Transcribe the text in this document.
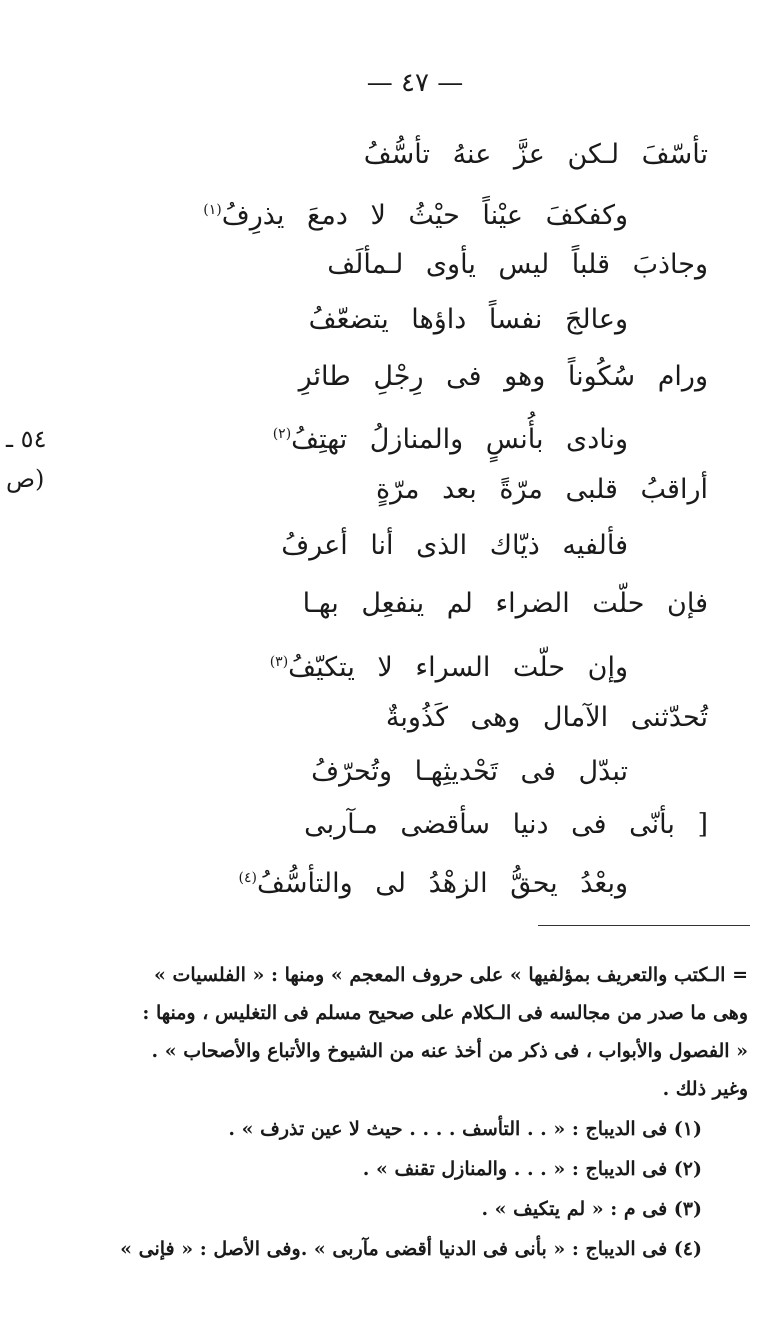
— ٤٧ —
تأسّفَ لـكن عزَّ عنهُ تأسُّفُ
وكفكفَ عيْناً حيْثُ لا دمعَ يذرِفُ$^{(١)}$
وجاذبَ قلباً ليس يأوى لـمألَف
وعالجَ نفساً داؤها يتضعّفُ
ورام سُكُوناً وهو فى رِجْلِ طائرِ
ونادى بأُنسٍ والمنازلُ تهتِفُ$^{(٢)}$
أراقبُ قلبى مرّةً بعد مرّةٍ
فألفيه ذيّاك الذى أنا أعرفُ
فإن حلّت الضراء لم ينفعِل بهـا
وإن حلّت السراء لا يتكيّفُ$^{(٣)}$
تُحدّثنى الآمال وهى كَذُوبةٌ
تبدّل فى تَحْديثِهـا وتُحرّفُ
[ بأنّى فى دنيا سأقضى مـآربى
وبعْدُ يحقُّ الزهْدُ لى والتأسُّفُ$^{(٤)}$
٥٤ ـ
(ص
= الـكتب والتعريف بمؤلفيها » على حروف المعجم » ومنها : « الفلسيات »
وهى ما صدر من مجالسه فى الـكلام على صحيح مسلم فى التغليس ، ومنها :
« الفصول والأبواب ، فى ذكر من أخذ عنه من الشيوخ والأتباع والأصحاب » .
وغير ذلك .
(١) فى الديباج : « . . التأسف . . . . حيث لا عين تذرف » .
(٢) فى الديباج : « . . . والمنازل تقنف » .
(٣) فى م : « لم يتكيف » .
(٤) فى الديباج : « بأنى فى الدنيا أقضى مآربى » .وفى الأصل : « فإنى »
